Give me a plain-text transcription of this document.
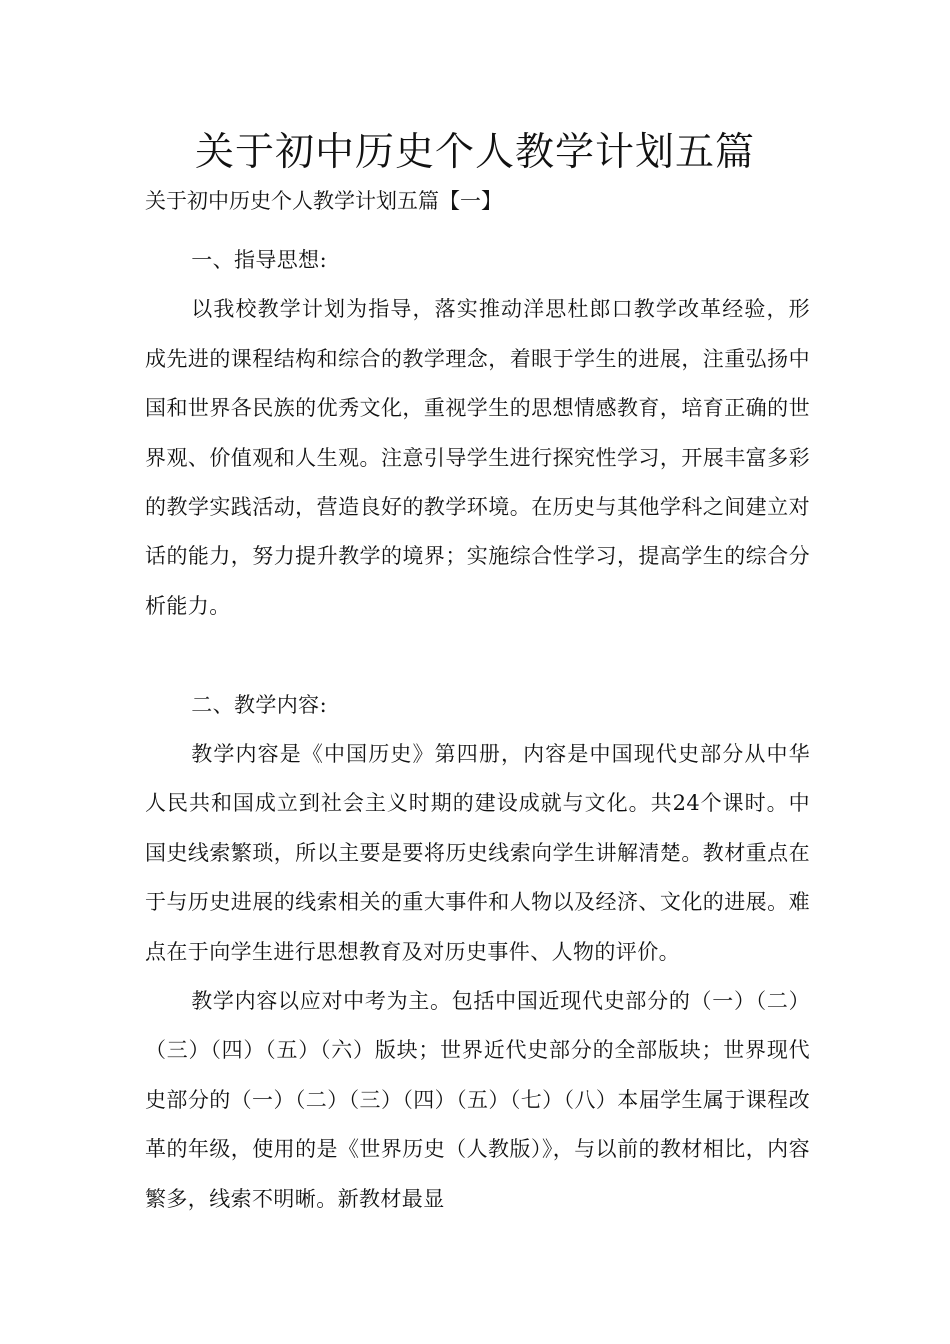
关于初中历史个人教学计划五篇
关于初中历史个人教学计划五篇【一】

一、指导思想:

以我校教学计划为指导，落实推动洋思杜郎口教学改革经验，形成先进的课程结构和综合的教学理念，着眼于学生的进展，注重弘扬中国和世界各民族的优秀文化，重视学生的思想情感教育，培育正确的世界观、价值观和人生观。注意引导学生进行探究性学习，开展丰富多彩的教学实践活动，营造良好的教学环境。在历史与其他学科之间建立对话的能力，努力提升教学的境界；实施综合性学习，提高学生的综合分析能力。

二、教学内容:

教学内容是《中国历史》第四册，内容是中国现代史部分从中华人民共和国成立到社会主义时期的建设成就与文化。共24个课时。中国史线索繁琐，所以主要是要将历史线索向学生讲解清楚。教材重点在于与历史进展的线索相关的重大事件和人物以及经济、文化的进展。难点在于向学生进行思想教育及对历史事件、人物的评价。

教学内容以应对中考为主。包括中国近现代史部分的（一）（二）（三）（四）（五）（六）版块；世界近代史部分的全部版块；世界现代史部分的（一）（二）（三）（四）（五）（七）（八）本届学生属于课程改革的年级，使用的是《世界历史（人教版）》，与以前的教材相比，内容繁多，线索不明晰。新教材最显
